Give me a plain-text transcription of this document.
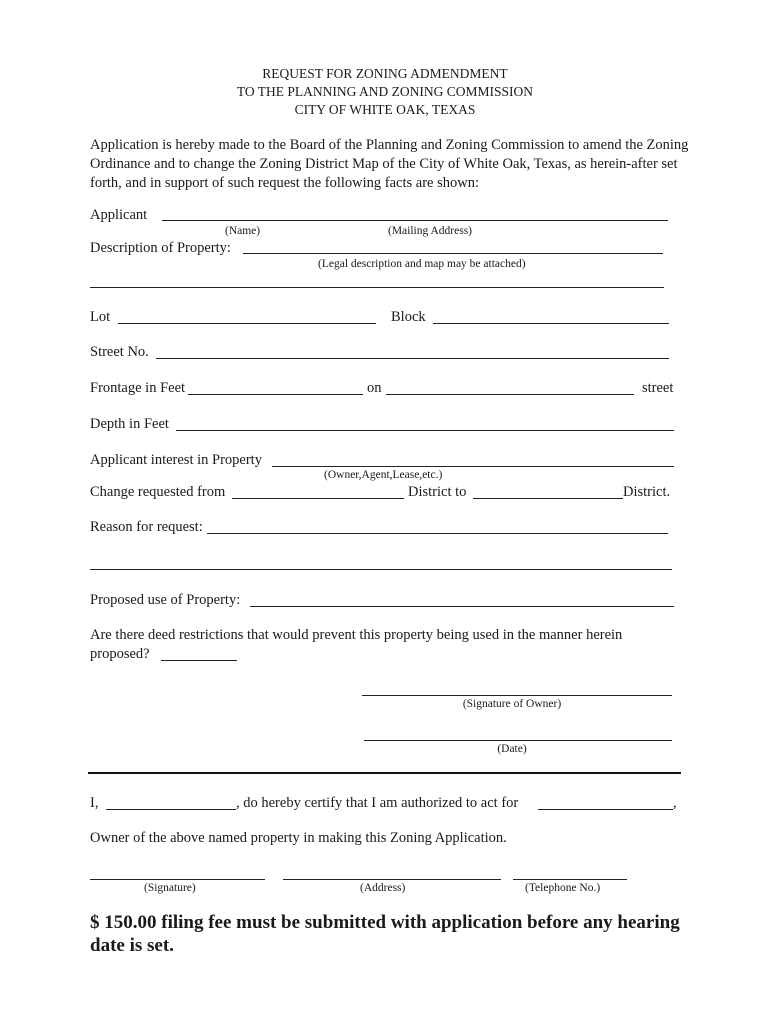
REQUEST FOR ZONING ADMENDMENT
TO THE PLANNING AND ZONING COMMISSION
CITY OF WHITE OAK, TEXAS
Application is hereby made to the Board of the Planning and Zoning Commission to amend the Zoning Ordinance and to change the Zoning District Map of the City of White Oak, Texas, as herein-after set forth, and in support of such request the following facts are shown:
Applicant
(Name)	(Mailing Address)
Description of Property:
(Legal description and map may be attached)
Lot	Block
Street No.
Frontage in Feet	on	street
Depth in Feet
Applicant interest in Property
(Owner,Agent,Lease,etc.)
Change requested from	District to	District.
Reason for request:
Proposed use of Property:
Are there deed restrictions that would prevent this property being used in the manner herein
proposed?
(Signature of Owner)
(Date)
I,	, do hereby certify that I am authorized to act for	,
Owner of the above named property in making this Zoning Application.
(Signature)	(Address)	(Telephone No.)
$ 150.00 filing fee must be submitted with application before any hearing date is set.
